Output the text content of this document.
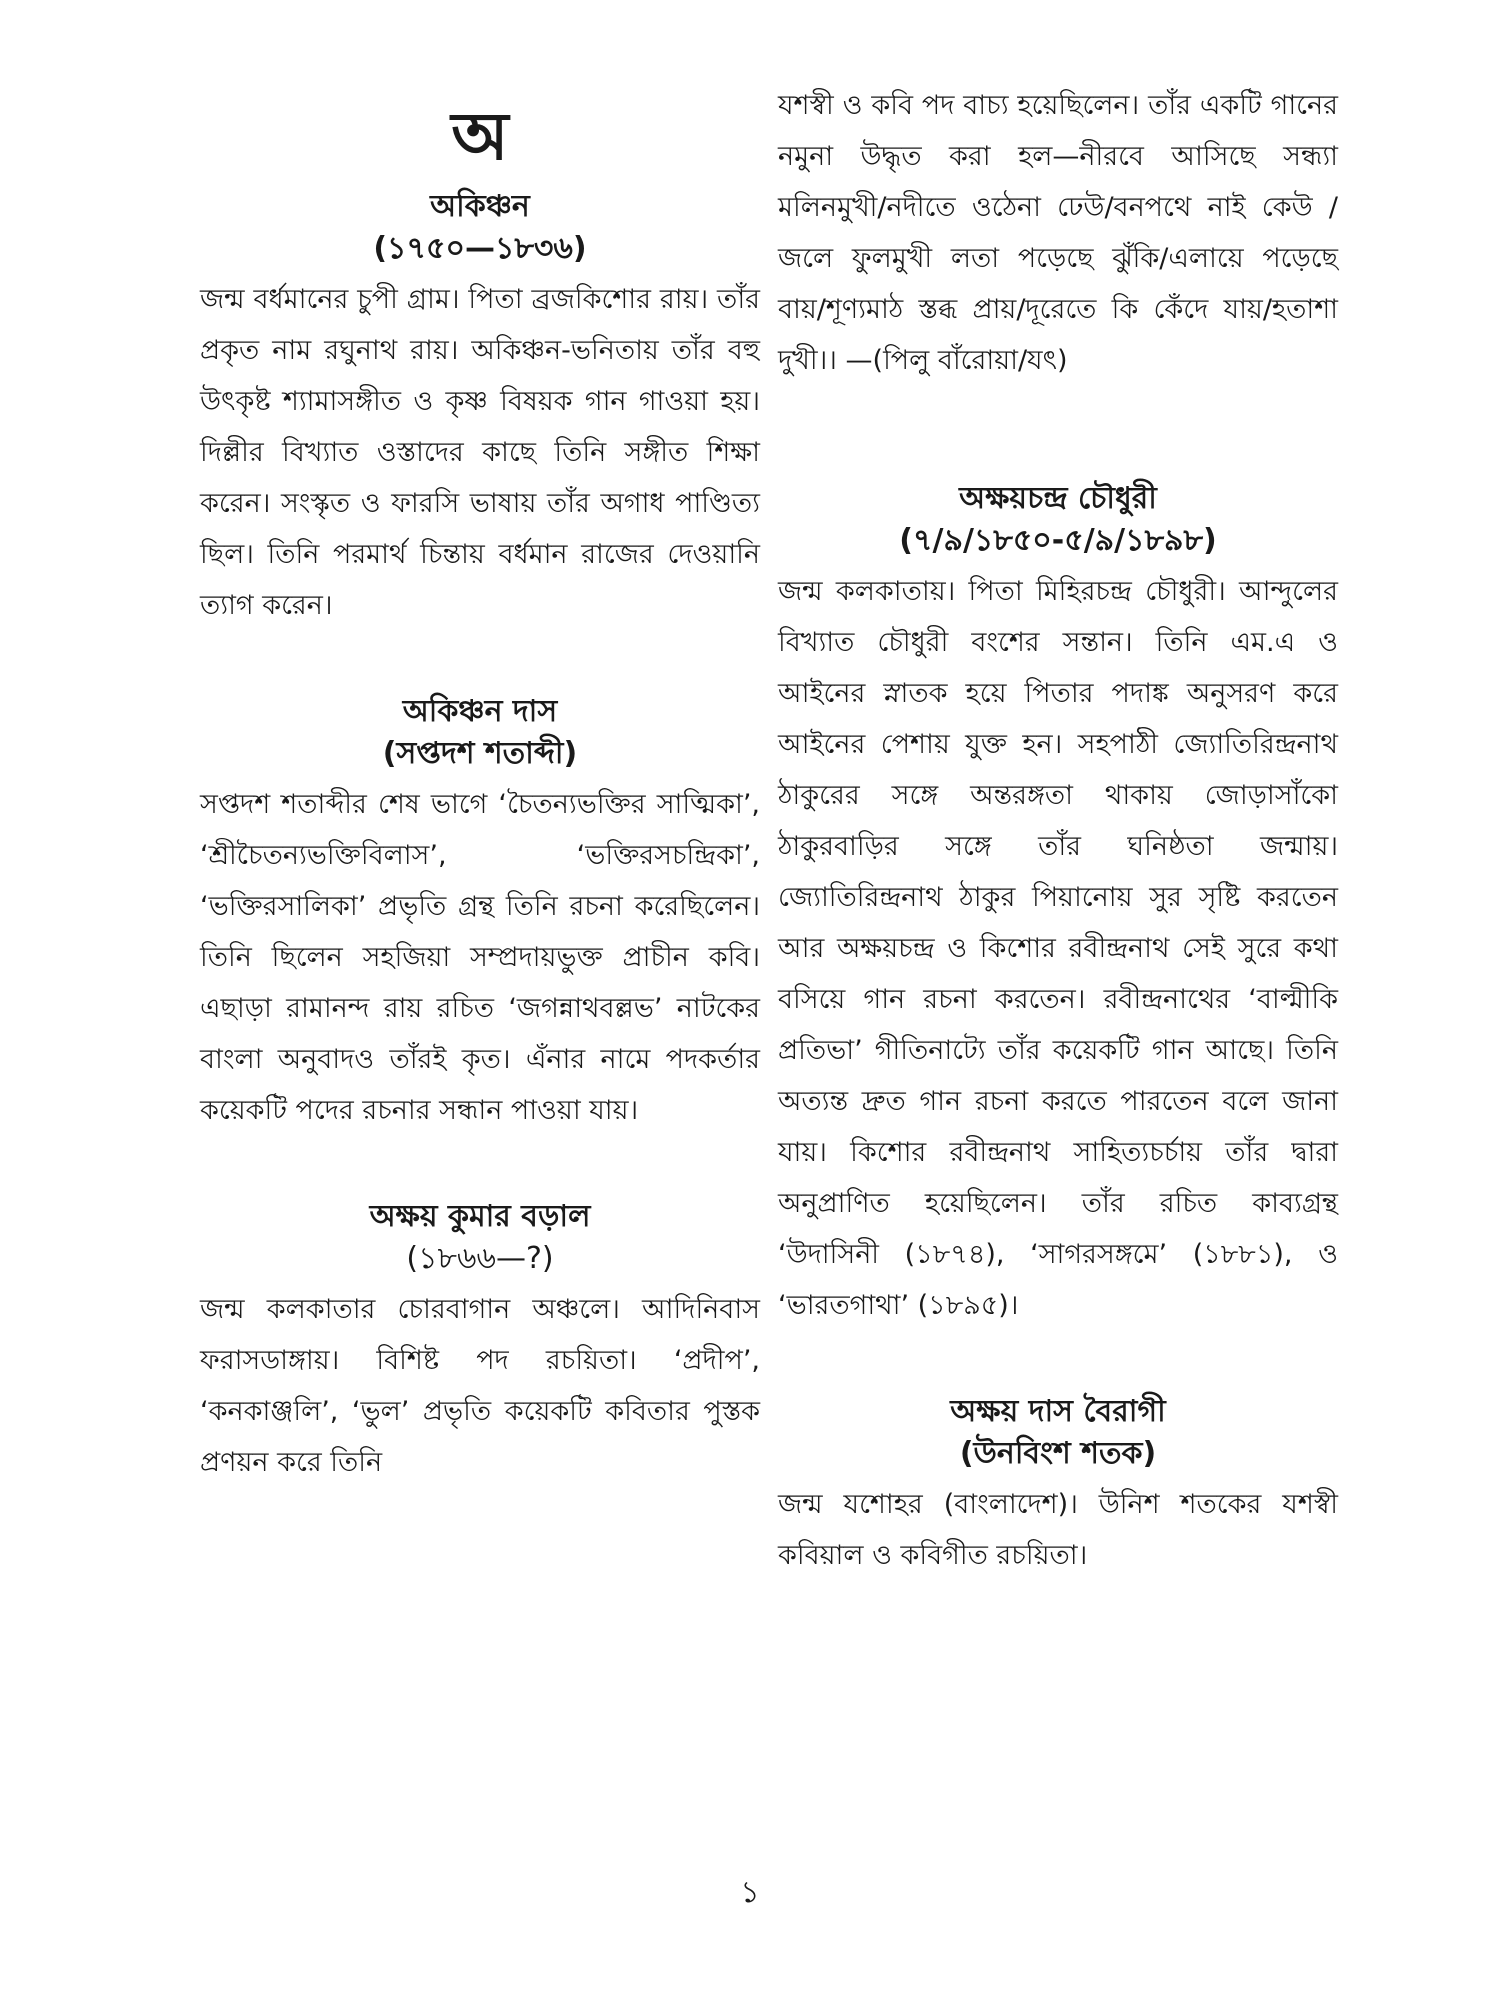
অ

অকিঞ্চন

(১৭৫০—১৮৩৬)

জন্ম বর্ধমানের চুপী গ্রাম। পিতা ব্রজকিশোর রায়। তাঁর প্রকৃত নাম রঘুনাথ রায়। অকিঞ্চন-ভনিতায় তাঁর বহু উৎকৃষ্ট শ্যামাসঙ্গীত ও কৃষ্ণ বিষয়ক গান গাওয়া হয়। দিল্লীর বিখ্যাত ওস্তাদের কাছে তিনি সঙ্গীত শিক্ষা করেন। সংস্কৃত ও ফারসি ভাষায় তাঁর অগাধ পাণ্ডিত্য ছিল। তিনি পরমার্থ চিন্তায় বর্ধমান রাজের দেওয়ানি ত্যাগ করেন।

অকিঞ্চন দাস

(সপ্তদশ শতাব্দী)

সপ্তদশ শতাব্দীর শেষ ভাগে ‘চৈতন্যভক্তির সাত্মিকা’, ‘শ্রীচৈতন্যভক্তিবিলাস’, ‘ভক্তিরসচন্দ্রিকা’, ‘ভক্তিরসালিকা’ প্রভৃতি গ্রন্থ তিনি রচনা করেছিলেন। তিনি ছিলেন সহজিয়া সম্প্রদায়ভুক্ত প্রাচীন কবি। এছাড়া রামানন্দ রায় রচিত ‘জগন্নাথবল্লভ’ নাটকের বাংলা অনুবাদও তাঁরই কৃত। এঁনার নামে পদকর্তার কয়েকটি পদের রচনার সন্ধান পাওয়া যায়।

অক্ষয় কুমার বড়াল

(১৮৬৬—?)

জন্ম কলকাতার চোরবাগান অঞ্চলে। আদিনিবাস ফরাসডাঙ্গায়। বিশিষ্ট পদ রচয়িতা। ‘প্রদীপ’, ‘কনকাঞ্জলি’, ‘ভুল’ প্রভৃতি কয়েকটি কবিতার পুস্তক প্রণয়ন করে তিনি

যশস্বী ও কবি পদ বাচ্য হয়েছিলেন। তাঁর একটি গানের নমুনা উদ্ধৃত করা হল—নীরবে আসিছে সন্ধ্যা মলিনমুখী/নদীতে ওঠেনা ঢেউ/বনপথে নাই কেউ / জলে ফুলমুখী লতা পড়েছে ঝুঁকি/এলায়ে পড়েছে বায়/শূণ্যমাঠ স্তব্ধ প্রায়/দূরেতে কি কেঁদে যায়/হতাশা দুখী।। —(পিলু বাঁরোয়া/যৎ)

অক্ষয়চন্দ্র চৌধুরী

(৭/৯/১৮৫০-৫/৯/১৮৯৮)

জন্ম কলকাতায়। পিতা মিহিরচন্দ্র চৌধুরী। আন্দুলের বিখ্যাত চৌধুরী বংশের সন্তান। তিনি এম.এ ও আইনের স্নাতক হয়ে পিতার পদাঙ্ক অনুসরণ করে আইনের পেশায় যুক্ত হন। সহপাঠী জ্যোতিরিন্দ্রনাথ ঠাকুরের সঙ্গে অন্তরঙ্গতা থাকায় জোড়াসাঁকো ঠাকুরবাড়ির সঙ্গে তাঁর ঘনিষ্ঠতা জন্মায়। জ্যোতিরিন্দ্রনাথ ঠাকুর পিয়ানোয় সুর সৃষ্টি করতেন আর অক্ষয়চন্দ্র ও কিশোর রবীন্দ্রনাথ সেই সুরে কথা বসিয়ে গান রচনা করতেন। রবীন্দ্রনাথের ‘বাল্মীকি প্রতিভা’ গীতিনাট্যে তাঁর কয়েকটি গান আছে। তিনি অত্যন্ত দ্রুত গান রচনা করতে পারতেন বলে জানা যায়। কিশোর রবীন্দ্রনাথ সাহিত্যচর্চায় তাঁর দ্বারা অনুপ্রাণিত হয়েছিলেন। তাঁর রচিত কাব্যগ্রন্থ ‘উদাসিনী (১৮৭৪), ‘সাগরসঙ্গমে’ (১৮৮১), ও ‘ভারতগাথা’ (১৮৯৫)।

অক্ষয় দাস বৈরাগী

(উনবিংশ শতক)

জন্ম যশোহর (বাংলাদেশ)। উনিশ শতকের যশস্বী কবিয়াল ও কবিগীত রচয়িতা।

১
